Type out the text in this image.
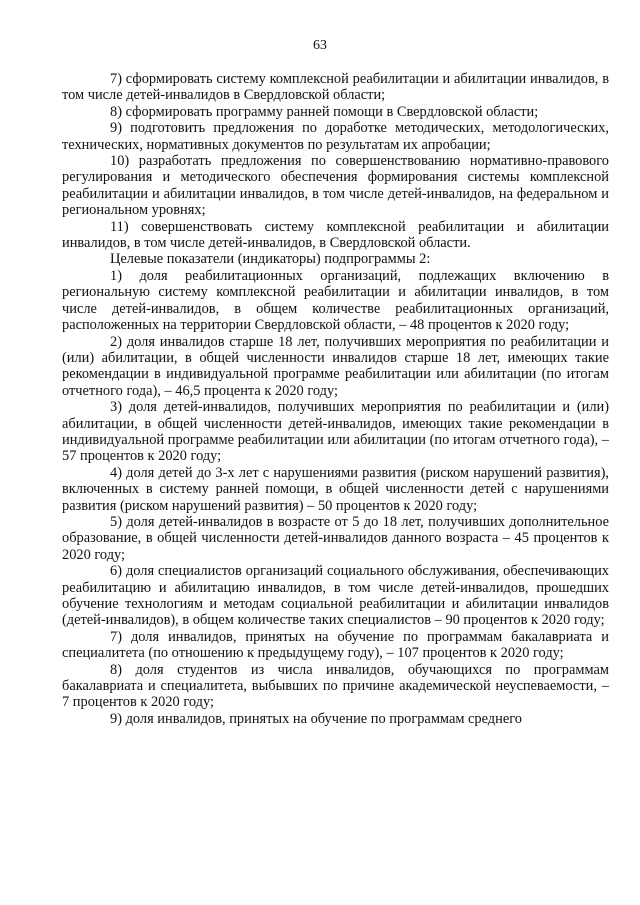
63

7) сформировать систему комплексной реабилитации и абилитации инвалидов, в том числе детей-инвалидов в Свердловской области;

8) сформировать программу ранней помощи в Свердловской области;

9) подготовить предложения по доработке методических, методологических, технических, нормативных документов по результатам их апробации;

10) разработать предложения по совершенствованию нормативно-правового регулирования и методического обеспечения формирования системы комплексной реабилитации и абилитации инвалидов, в том числе детей-инвалидов, на федеральном и региональном уровнях;

11) совершенствовать систему комплексной реабилитации и абилитации инвалидов, в том числе детей-инвалидов, в Свердловской области.

Целевые показатели (индикаторы) подпрограммы 2:

1) доля реабилитационных организаций, подлежащих включению в региональную систему комплексной реабилитации и абилитации инвалидов, в том числе детей-инвалидов, в общем количестве реабилитационных организаций, расположенных на территории Свердловской области, – 48 процентов к 2020 году;

2) доля инвалидов старше 18 лет, получивших мероприятия по реабилитации и (или) абилитации, в общей численности инвалидов старше 18 лет, имеющих такие рекомендации в индивидуальной программе реабилитации или абилитации (по итогам отчетного года), – 46,5 процента к 2020 году;

3) доля детей-инвалидов, получивших мероприятия по реабилитации и (или) абилитации, в общей численности детей-инвалидов, имеющих такие рекомендации в индивидуальной программе реабилитации или абилитации (по итогам отчетного года), – 57 процентов к 2020 году;

4) доля детей до 3-х лет с нарушениями развития (риском нарушений развития), включенных в систему ранней помощи, в общей численности детей с нарушениями развития (риском нарушений развития) – 50 процентов к 2020 году;

5) доля детей-инвалидов в возрасте от 5 до 18 лет, получивших дополнительное образование, в общей численности детей-инвалидов данного возраста – 45 процентов к 2020 году;

6) доля специалистов организаций социального обслуживания, обеспечивающих реабилитацию и абилитацию инвалидов, в том числе детей-инвалидов, прошедших обучение технологиям и методам социальной реабилитации и абилитации инвалидов (детей-инвалидов), в общем количестве таких специалистов – 90 процентов к 2020 году;

7) доля инвалидов, принятых на обучение по программам бакалавриата и специалитета (по отношению к предыдущему году), – 107 процентов к 2020 году;

8) доля студентов из числа инвалидов, обучающихся по программам бакалавриата и специалитета, выбывших по причине академической неуспеваемости, – 7 процентов к 2020 году;

9) доля инвалидов, принятых на обучение по программам среднего
